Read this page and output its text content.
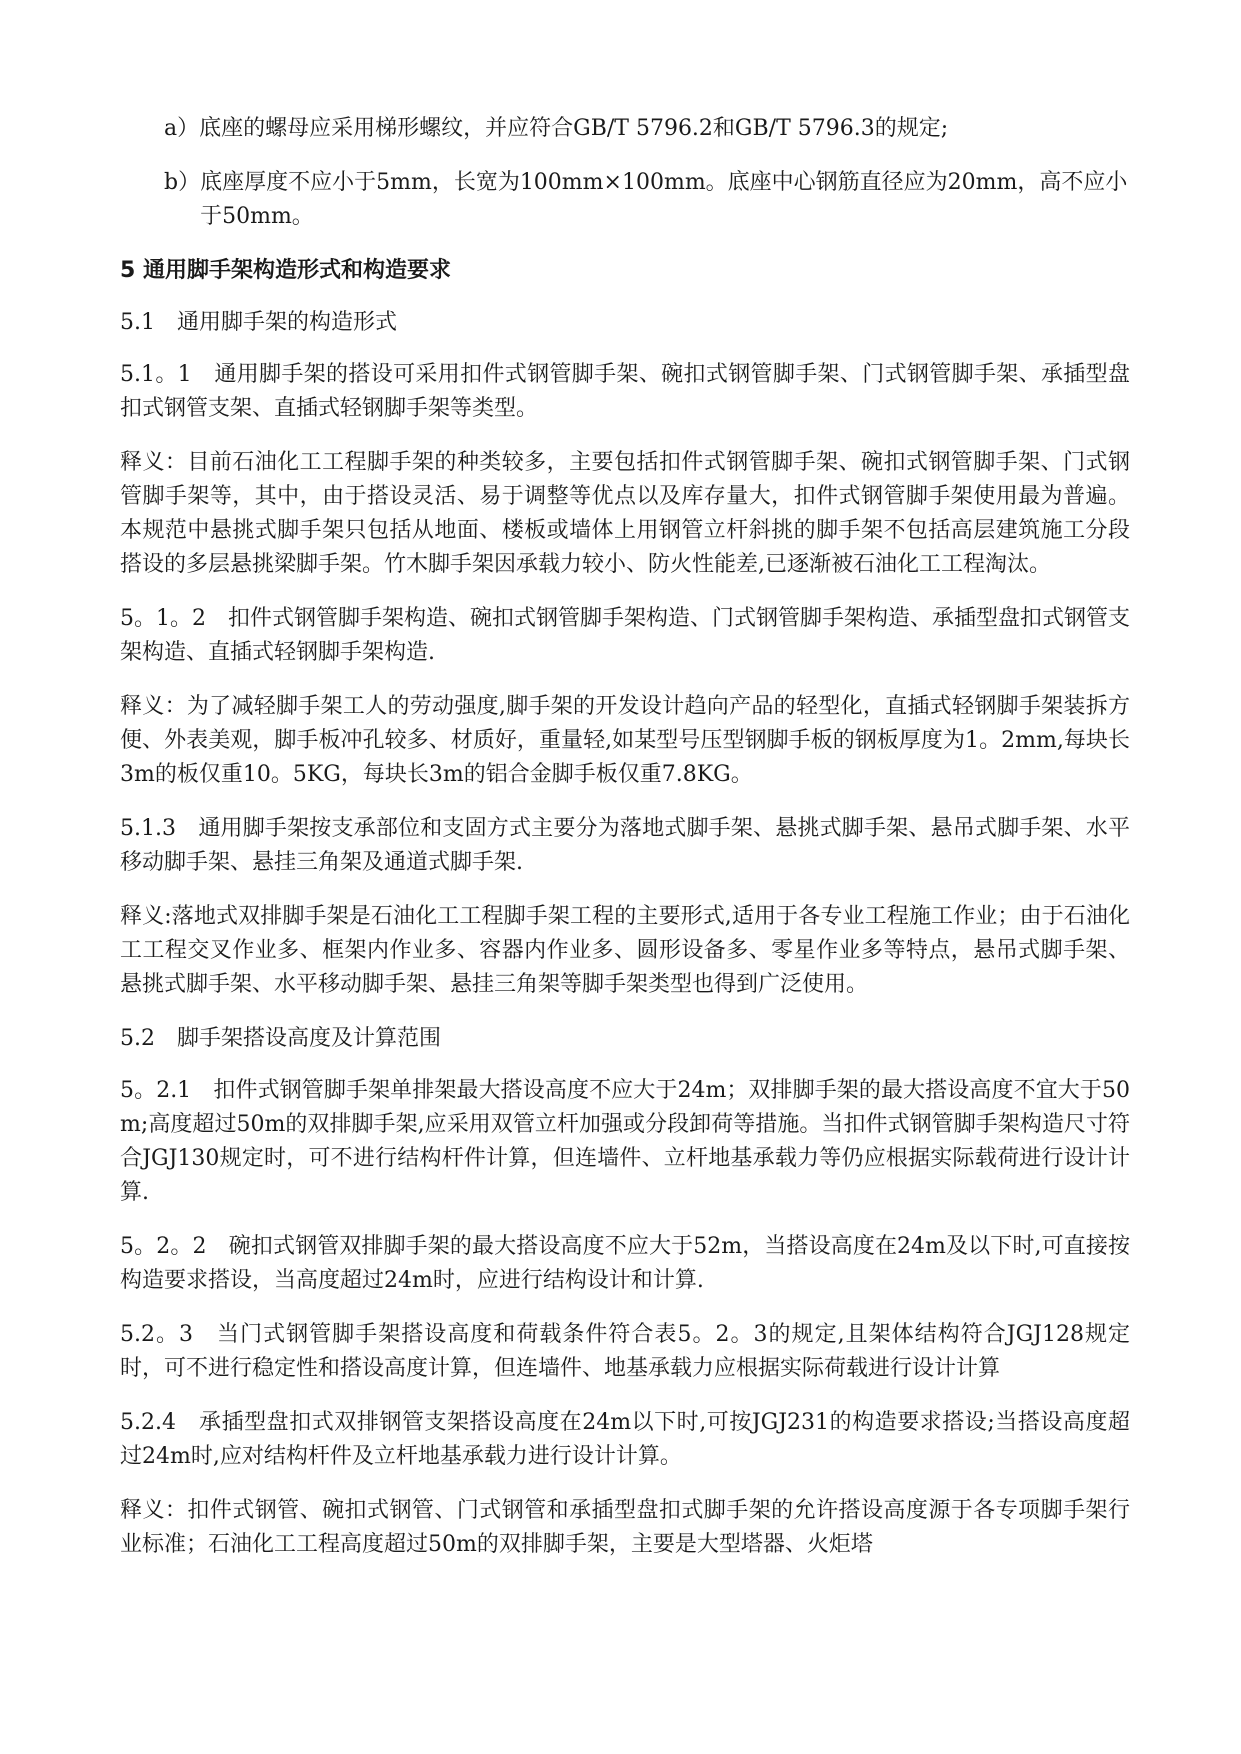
a） 底座的螺母应采用梯形螺纹，并应符合GB/T 5796.2和GB/T 5796.3的规定;
b） 底座厚度不应小于5mm，长宽为100mm×100mm。底座中心钢筋直径应为20mm，高不应小于50mm。
5 通用脚手架构造形式和构造要求
5.1　通用脚手架的构造形式

5.1。1　通用脚手架的搭设可采用扣件式钢管脚手架、碗扣式钢管脚手架、门式钢管脚手架、承插型盘扣式钢管支架、直插式轻钢脚手架等类型。

释义：目前石油化工工程脚手架的种类较多，主要包括扣件式钢管脚手架、碗扣式钢管脚手架、门式钢管脚手架等，其中，由于搭设灵活、易于调整等优点以及库存量大，扣件式钢管脚手架使用最为普遍。本规范中悬挑式脚手架只包括从地面、楼板或墙体上用钢管立杆斜挑的脚手架不包括高层建筑施工分段搭设的多层悬挑梁脚手架。竹木脚手架因承载力较小、防火性能差,已逐渐被石油化工工程淘汰。

5。1。2　扣件式钢管脚手架构造、碗扣式钢管脚手架构造、门式钢管脚手架构造、承插型盘扣式钢管支架构造、直插式轻钢脚手架构造.

释义：为了减轻脚手架工人的劳动强度,脚手架的开发设计趋向产品的轻型化，直插式轻钢脚手架装拆方便、外表美观，脚手板冲孔较多、材质好，重量轻,如某型号压型钢脚手板的钢板厚度为1。2mm,每块长3m的板仅重10。5KG，每块长3m的铝合金脚手板仅重7.8KG。

5.1.3　通用脚手架按支承部位和支固方式主要分为落地式脚手架、悬挑式脚手架、悬吊式脚手架、水平移动脚手架、悬挂三角架及通道式脚手架.

释义:落地式双排脚手架是石油化工工程脚手架工程的主要形式,适用于各专业工程施工作业；由于石油化工工程交叉作业多、框架内作业多、容器内作业多、圆形设备多、零星作业多等特点，悬吊式脚手架、悬挑式脚手架、水平移动脚手架、悬挂三角架等脚手架类型也得到广泛使用。

5.2　脚手架搭设高度及计算范围

5。2.1　扣件式钢管脚手架单排架最大搭设高度不应大于24m；双排脚手架的最大搭设高度不宜大于50m;高度超过50m的双排脚手架,应采用双管立杆加强或分段卸荷等措施。当扣件式钢管脚手架构造尺寸符合JGJ130规定时，可不进行结构杆件计算，但连墙件、立杆地基承载力等仍应根据实际载荷进行设计计算.

5。2。2　碗扣式钢管双排脚手架的最大搭设高度不应大于52m，当搭设高度在24m及以下时,可直接按构造要求搭设，当高度超过24m时，应进行结构设计和计算.

5.2。3　当门式钢管脚手架搭设高度和荷载条件符合表5。2。3的规定,且架体结构符合JGJ128规定时，可不进行稳定性和搭设高度计算，但连墙件、地基承载力应根据实际荷载进行设计计算

5.2.4　承插型盘扣式双排钢管支架搭设高度在24m以下时,可按JGJ231的构造要求搭设;当搭设高度超过24m时,应对结构杆件及立杆地基承载力进行设计计算。

释义：扣件式钢管、碗扣式钢管、门式钢管和承插型盘扣式脚手架的允许搭设高度源于各专项脚手架行业标准；石油化工工程高度超过50m的双排脚手架，主要是大型塔器、火炬塔
